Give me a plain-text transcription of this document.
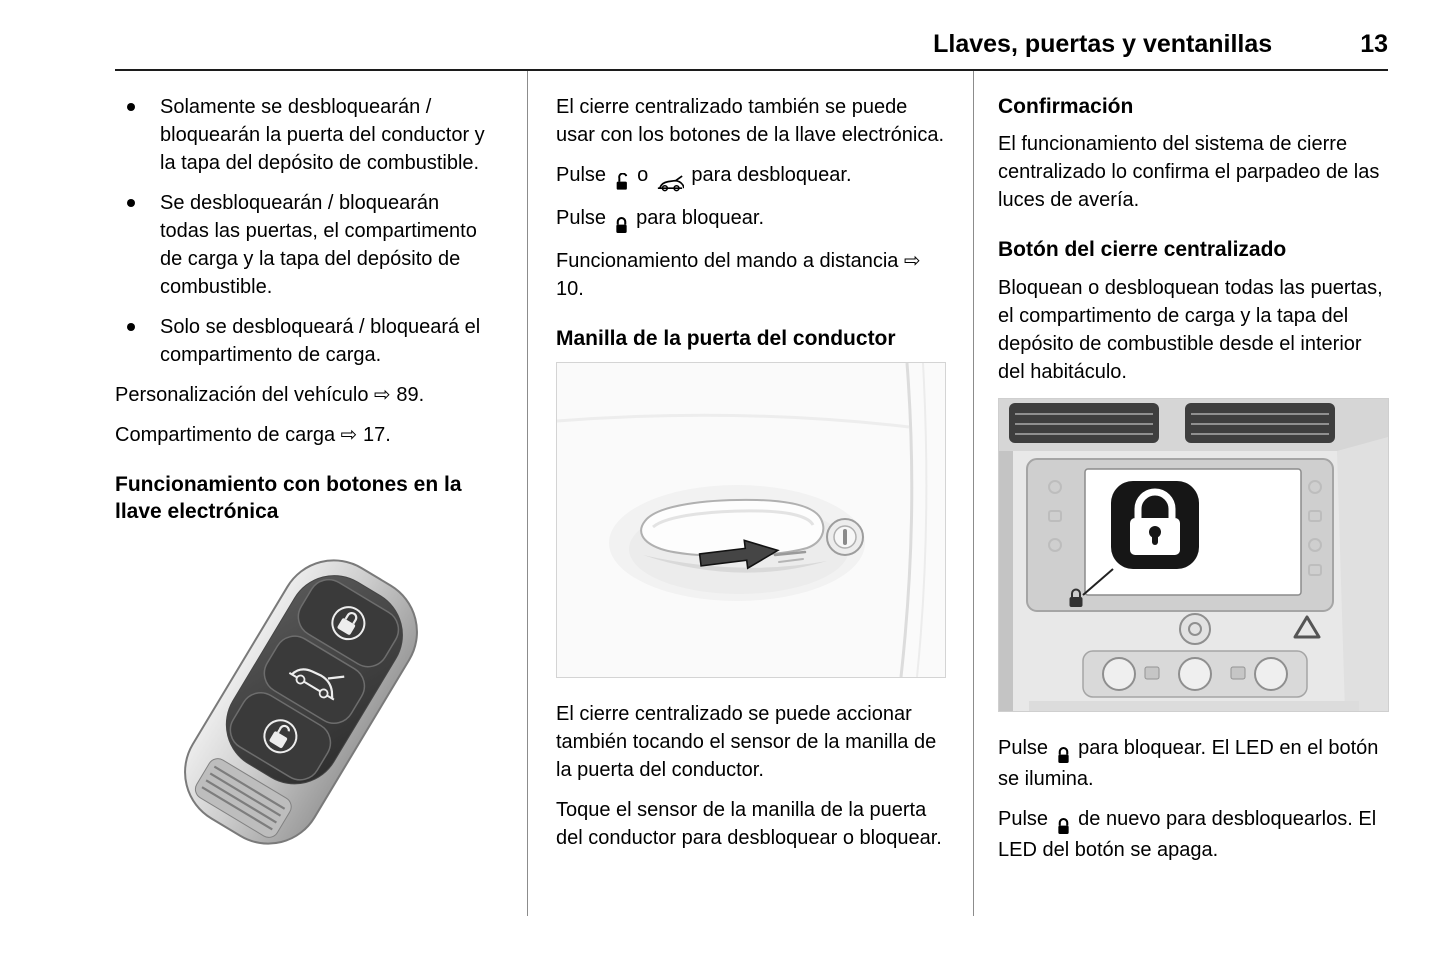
Llaves, puertas y ventanillas	13
Solamente se desbloquearán / bloquearán la puerta del conductor y la tapa del depósito de combustible.
Se desbloquearán / bloquearán todas las puertas, el compartimento de carga y la tapa del depósito de combustible.
Solo se desbloqueará / bloqueará el compartimento de carga.

Personalización del vehículo ⇨ 89.

Compartimento de carga ⇨ 17.

Funcionamiento con botones en la llave electrónica

El cierre centralizado también se puede usar con los botones de la llave electrónica.

Pulse o para desbloquear.

Pulse para bloquear.

Funcionamiento del mando a distancia ⇨ 10.

Manilla de la puerta del conductor

El cierre centralizado se puede accionar también tocando el sensor de la manilla de la puerta del conductor.

Toque el sensor de la manilla de la puerta del conductor para desbloquear o bloquear.

Confirmación

El funcionamiento del sistema de cierre centralizado lo confirma el parpadeo de las luces de avería.

Botón del cierre centralizado

Bloquean o desbloquean todas las puertas, el compartimento de carga y la tapa del depósito de combustible desde el interior del habitáculo.

Pulse para bloquear. El LED en el botón se ilumina.

Pulse de nuevo para desbloquearlos. El LED del botón se apaga.
